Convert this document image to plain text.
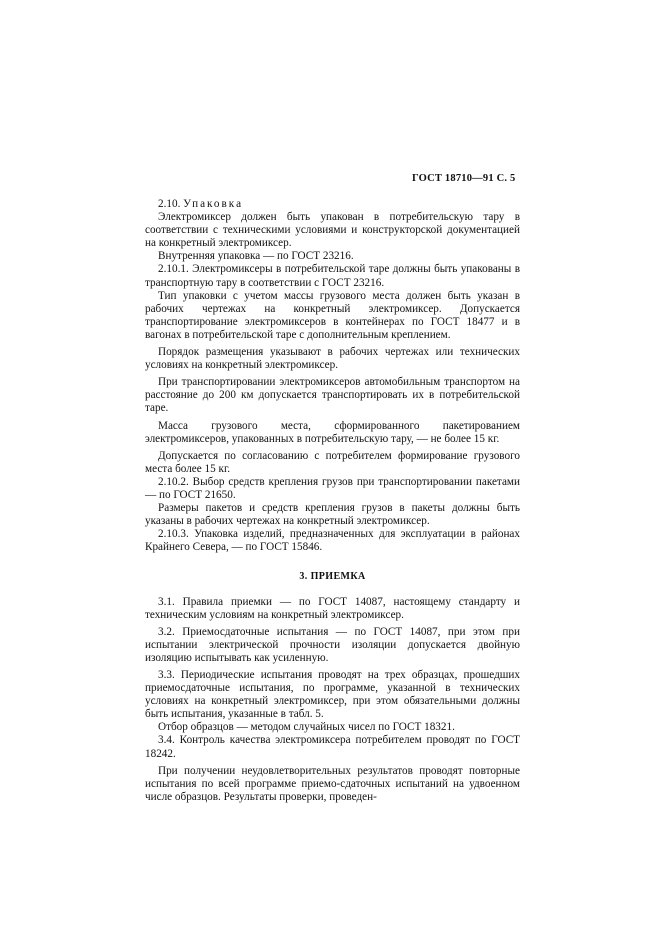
ГОСТ 18710—91 С. 5

2.10. Упаковка

Электромиксер должен быть упакован в потребительскую тару в соответствии с техническими условиями и конструкторской документацией на конкретный электромиксер.

Внутренняя упаковка — по ГОСТ 23216.

2.10.1. Электромиксеры в потребительской таре должны быть упакованы в транспортную тару в соответствии с ГОСТ 23216.

Тип упаковки с учетом массы грузового места должен быть указан в рабочих чертежах на конкретный электромиксер. Допускается транспортирование электромиксеров в контейнерах по ГОСТ 18477 и в вагонах в потребительской таре с дополнительным креплением.

Порядок размещения указывают в рабочих чертежах или технических условиях на конкретный электромиксер.

При транспортировании электромиксеров автомобильным транспортом на расстояние до 200 км допускается транспортировать их в потребительской таре.

Масса грузового места, сформированного пакетированием электромиксеров, упакованных в потребительскую тару, — не более 15 кг.

Допускается по согласованию с потребителем формирование грузового места более 15 кг.

2.10.2. Выбор средств крепления грузов при транспортировании пакетами — по ГОСТ 21650.

Размеры пакетов и средств крепления грузов в пакеты должны быть указаны в рабочих чертежах на конкретный электромиксер.

2.10.3. Упаковка изделий, предназначенных для эксплуатации в районах Крайнего Севера, — по ГОСТ 15846.

3. ПРИЕМКА

3.1. Правила приемки — по ГОСТ 14087, настоящему стандарту и техническим условиям на конкретный электромиксер.

3.2. Приемосдаточные испытания — по ГОСТ 14087, при этом при испытании электрической прочности изоляции допускается двойную изоляцию испытывать как усиленную.

3.3. Периодические испытания проводят на трех образцах, прошедших приемосдаточные испытания, по программе, указанной в технических условиях на конкретный электромиксер, при этом обязательными должны быть испытания, указанные в табл. 5.

Отбор образцов — методом случайных чисел по ГОСТ 18321.

3.4. Контроль качества электромиксера потребителем проводят по ГОСТ 18242.

При получении неудовлетворительных результатов проводят повторные испытания по всей программе приемо-сдаточных испытаний на удвоенном числе образцов. Результаты проверки, проведен-
